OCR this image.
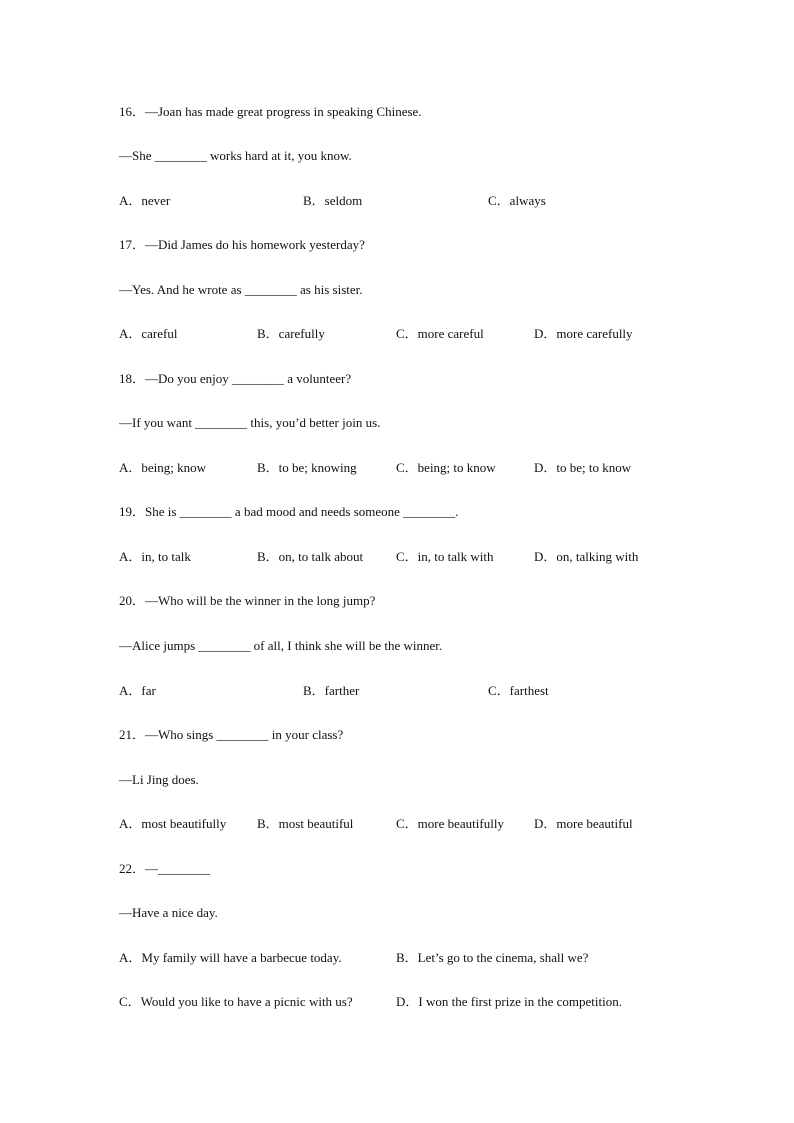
16．—Joan has made great progress in speaking Chinese.
—She ________ works hard at it, you know.
A．never	B．seldom	C．always
17．—Did James do his homework yesterday?
—Yes. And he wrote as ________ as his sister.
A．careful	B．carefully	C．more careful	D．more carefully
18．—Do you enjoy ________ a volunteer?
—If you want ________ this, you’d better join us.
A．being; know	B．to be; knowing	C．being; to know	D．to be; to know
19．She is ________ a bad mood and needs someone ________.
A．in, to talk	B．on, to talk about	C．in, to talk with	D．on, talking with
20．—Who will be the winner in the long jump?
—Alice jumps ________ of all, I think she will be the winner.
A．far	B．farther	C．farthest
21．—Who sings ________ in your class?
—Li Jing does.
A．most beautifully B．most beautiful	C．more beautifully D．more beautiful
22．—________
—Have a nice day.
A．My family will have a barbecue today.	B．Let’s go to the cinema, shall we?
C．Would you like to have a picnic with us?	D．I won the first prize in the competition.
